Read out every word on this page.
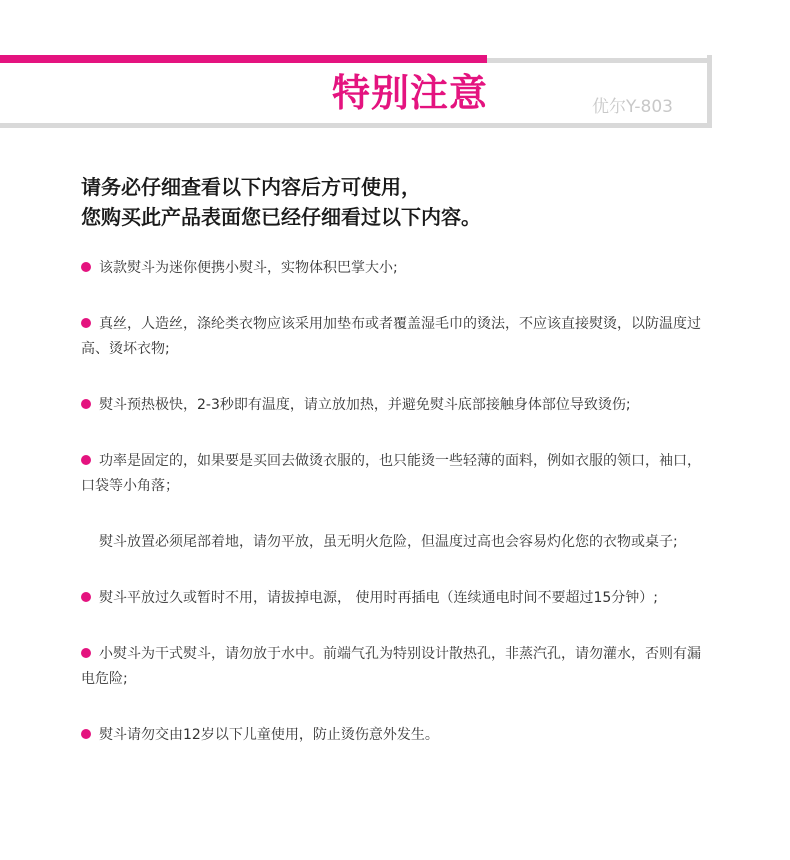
特别注意	优尔Y-803
请务必仔细查看以下内容后方可使用，
您购买此产品表面您已经仔细看过以下内容。
该款熨斗为迷你便携小熨斗，实物体积巴掌大小;
真丝，人造丝，涤纶类衣物应该采用加垫布或者覆盖湿毛巾的烫法，不应该直接熨烫，以防温度过高、烫坏衣物;
熨斗预热极快，2-3秒即有温度，请立放加热，并避免熨斗底部接触身体部位导致烫伤;
功率是固定的，如果要是买回去做烫衣服的，也只能烫一些轻薄的面料，例如衣服的领口，袖口，口袋等小角落；
熨斗放置必须尾部着地，请勿平放，虽无明火危险，但温度过高也会容易灼化您的衣物或桌子;
熨斗平放过久或暂时不用，请拔掉电源， 使用时再插电（连续通电时间不要超过15分钟）;
小熨斗为干式熨斗，请勿放于水中。前端气孔为特别设计散热孔，非蒸汽孔，请勿灌水，否则有漏电危险;
熨斗请勿交由12岁以下儿童使用，防止烫伤意外发生。
